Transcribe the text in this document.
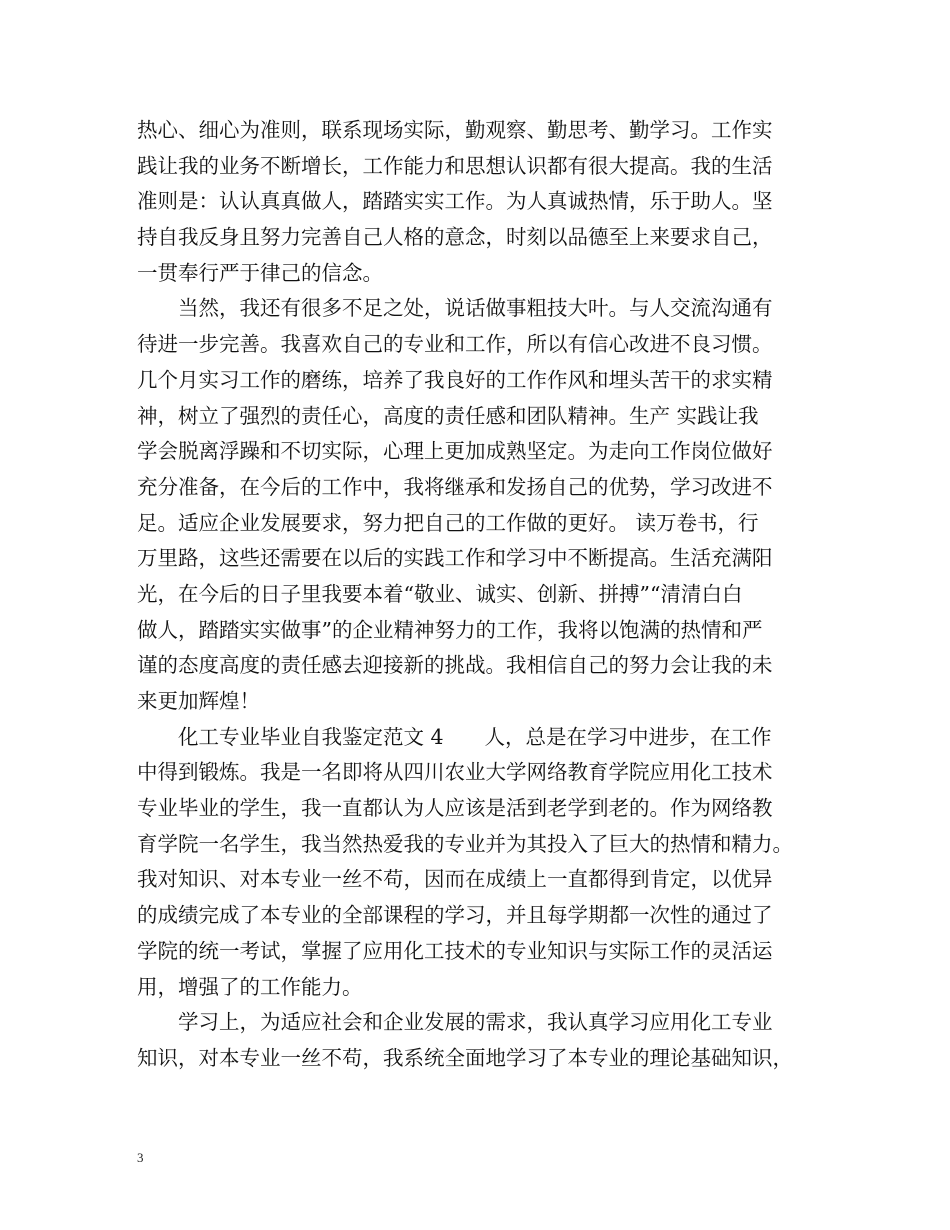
热心、细心为准则，联系现场实际，勤观察、勤思考、勤学习。工作实
践让我的业务不断增长，工作能力和思想认识都有很大提高。我的生活
准则是：认认真真做人，踏踏实实工作。为人真诚热情，乐于助人。坚
持自我反身且努力完善自己人格的意念，时刻以品德至上来要求自己，
一贯奉行严于律己的信念。
　　当然，我还有很多不足之处，说话做事粗技大叶。与人交流沟通有
待进一步完善。我喜欢自己的专业和工作，所以有信心改进不良习惯。
几个月实习工作的磨练，培养了我良好的工作作风和埋头苦干的求实精
神，树立了强烈的责任心，高度的责任感和团队精神。生产 实践让我
学会脱离浮躁和不切实际，心理上更加成熟坚定。为走向工作岗位做好
充分准备，在今后的工作中，我将继承和发扬自己的优势，学习改进不
足。适应企业发展要求，努力把自己的工作做的更好。 读万卷书，行
万里路，这些还需要在以后的实践工作和学习中不断提高。生活充满阳
光，在今后的日子里我要本着“敬业、诚实、创新、拼搏”“清清白白
做人，踏踏实实做事”的企业精神努力的工作，我将以饱满的热情和严
谨的态度高度的责任感去迎接新的挑战。我相信自己的努力会让我的未
来更加辉煌！
　　化工专业毕业自我鉴定范文 4　　人，总是在学习中进步，在工作
中得到锻炼。我是一名即将从四川农业大学网络教育学院应用化工技术
专业毕业的学生，我一直都认为人应该是活到老学到老的。作为网络教
育学院一名学生，我当然热爱我的专业并为其投入了巨大的热情和精力。
我对知识、对本专业一丝不苟，因而在成绩上一直都得到肯定，以优异
的成绩完成了本专业的全部课程的学习，并且每学期都一次性的通过了
学院的统一考试，掌握了应用化工技术的专业知识与实际工作的灵活运
用，增强了的工作能力。
　　学习上，为适应社会和企业发展的需求，我认真学习应用化工专业
知识，对本专业一丝不苟，我系统全面地学习了本专业的理论基础知识，
3
